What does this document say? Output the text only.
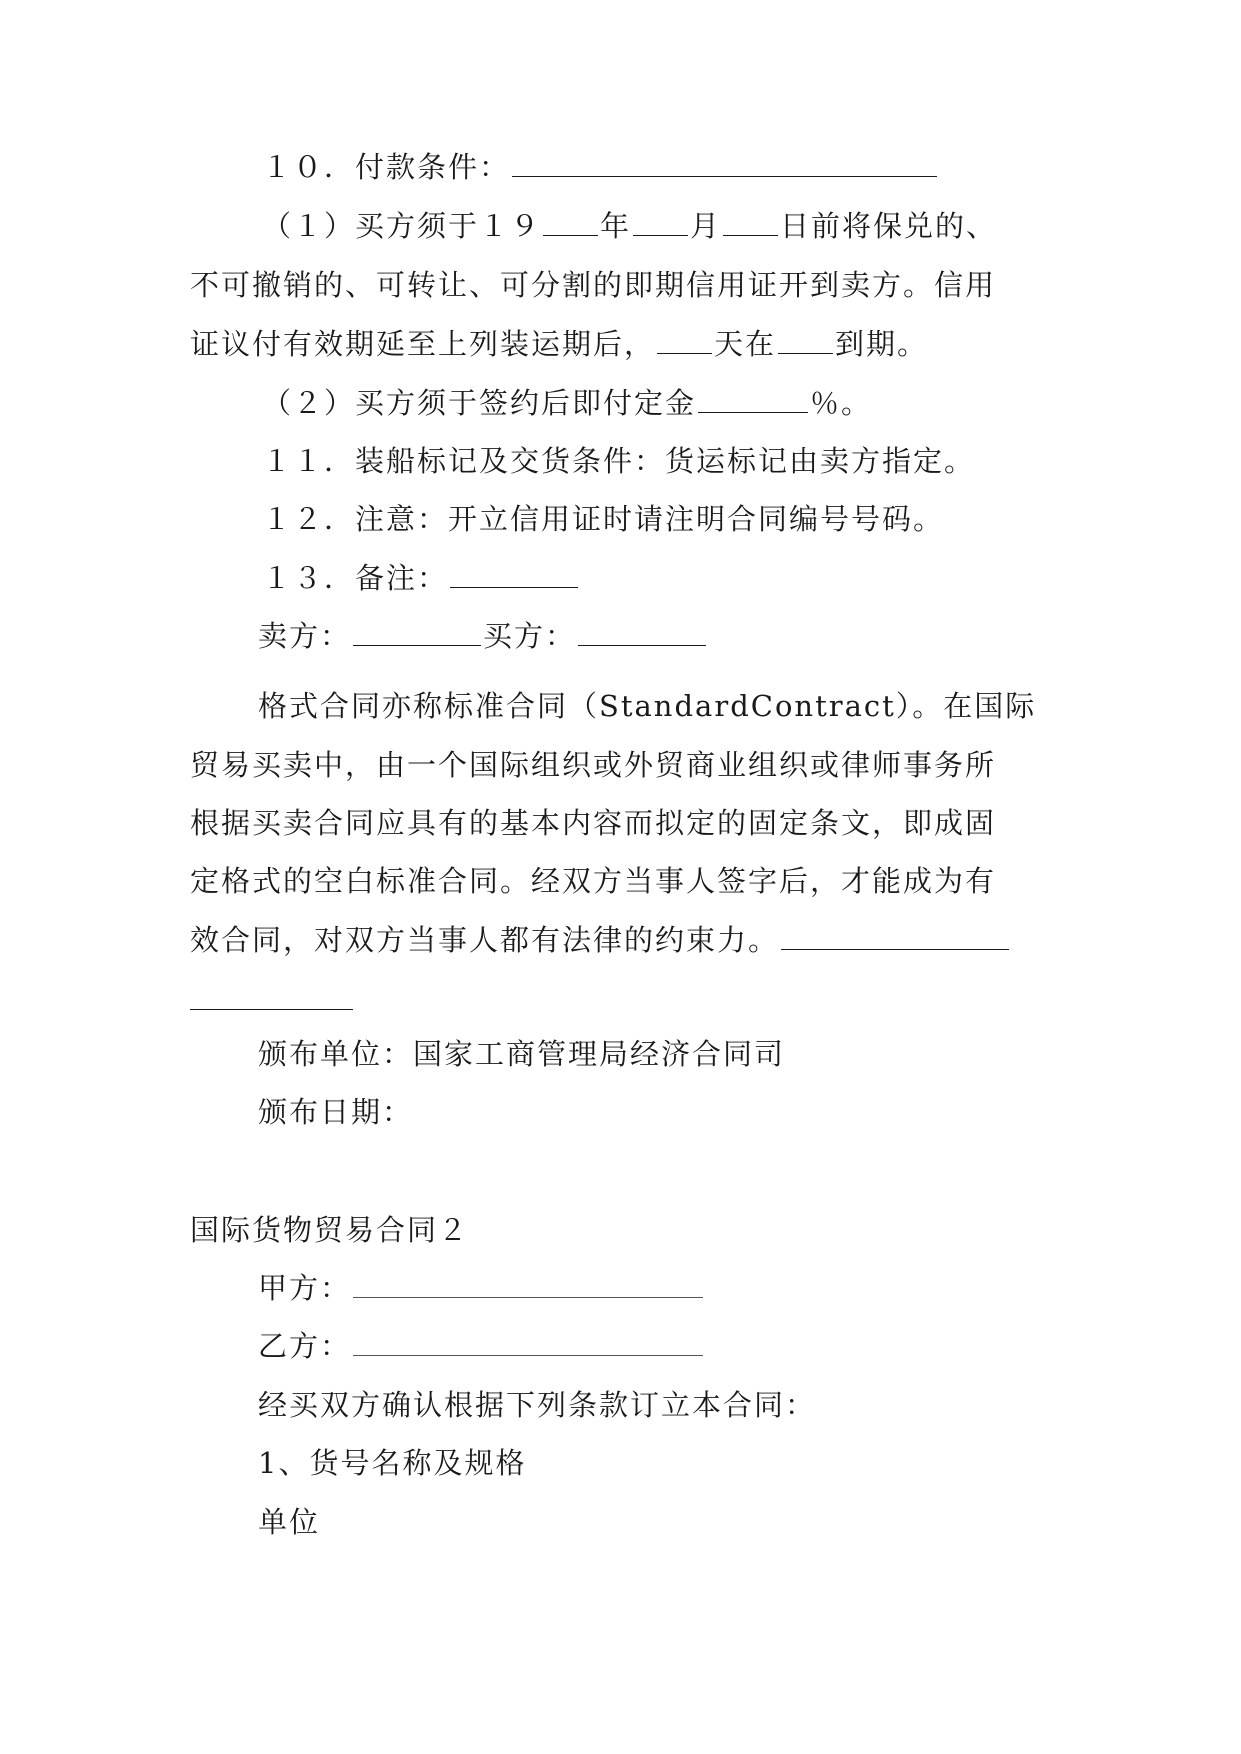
１０．付款条件：
（１）买方须于１９ 年 月 日前将保兑的、
不可撤销的、可转让、可分割的即期信用证开到卖方。信用
证议付有效期延至上列装运期后， 天在 到期。
（２）买方须于签约后即付定金	％。
１１．装船标记及交货条件：货运标记由卖方指定。
１２．注意：开立信用证时请注明合同编号号码。
１３．备注：
卖方：	买方：
格式合同亦称标准合同（StandardContract）。在国际
贸易买卖中，由一个国际组织或外贸商业组织或律师事务所
根据买卖合同应具有的基本内容而拟定的固定条文，即成固
定格式的空白标准合同。经双方当事人签字后，才能成为有
效合同，对双方当事人都有法律的约束力。
颁布单位：国家工商管理局经济合同司
颁布日期：
国际货物贸易合同２
甲方：
乙方：
经买双方确认根据下列条款订立本合同：
1、货号名称及规格
单位
